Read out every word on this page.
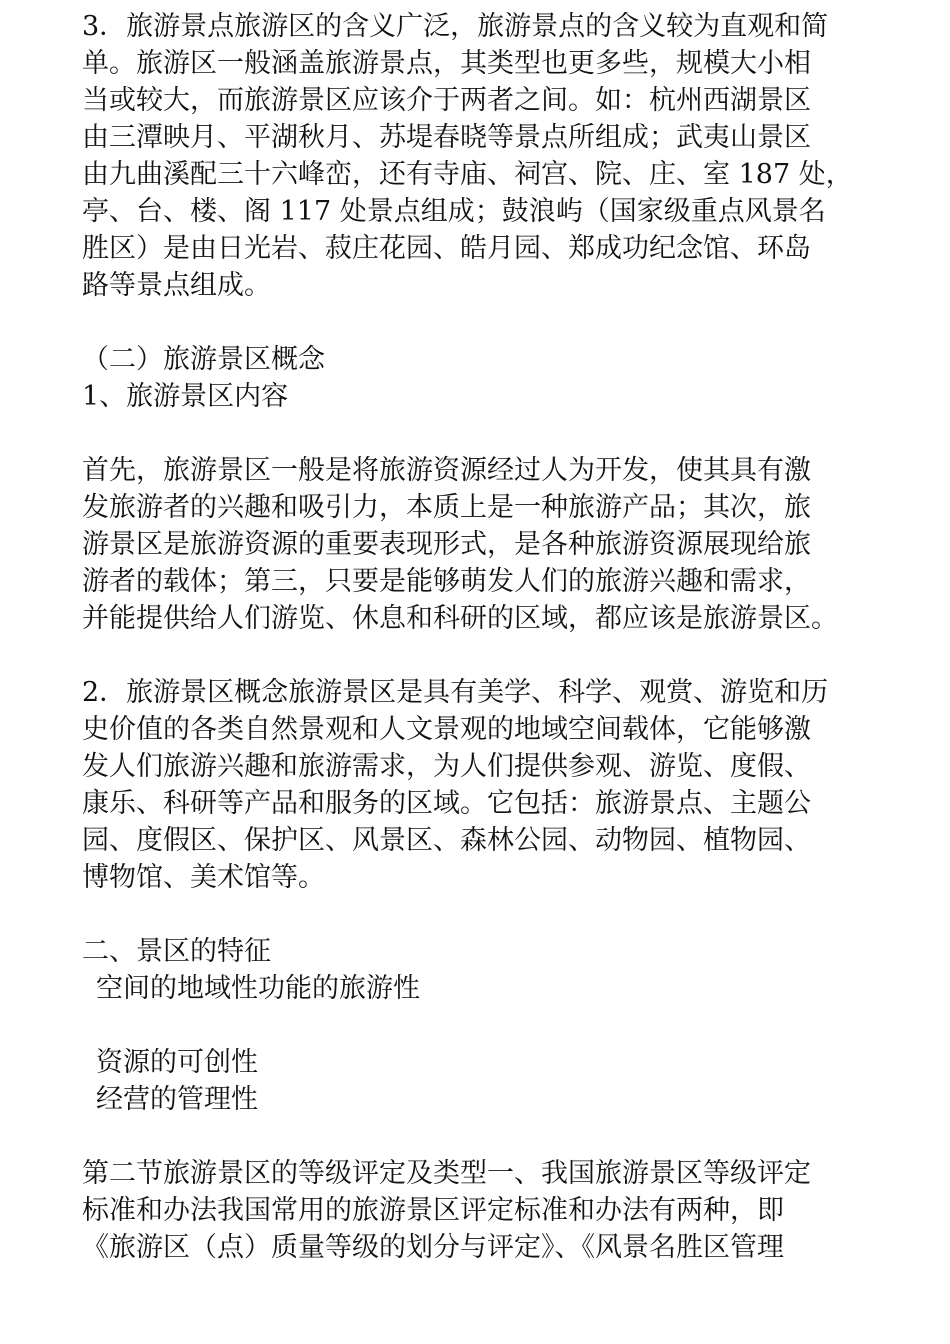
3．旅游景点旅游区的含义广泛，旅游景点的含义较为直观和简
单。旅游区一般涵盖旅游景点，其类型也更多些，规模大小相
当或较大，而旅游景区应该介于两者之间。如：杭州西湖景区
由三潭映月、平湖秋月、苏堤春晓等景点所组成；武夷山景区
由九曲溪配三十六峰峦，还有寺庙、祠宫、院、庄、室 187 处，
亭、台、楼、阁 117 处景点组成；鼓浪屿（国家级重点风景名
胜区）是由日光岩、菽庄花园、皓月园、郑成功纪念馆、环岛
路等景点组成。

（二）旅游景区概念

1、旅游景区内容

首先，旅游景区一般是将旅游资源经过人为开发，使其具有激
发旅游者的兴趣和吸引力，本质上是一种旅游产品；其次，旅
游景区是旅游资源的重要表现形式，是各种旅游资源展现给旅
游者的载体；第三，只要是能够萌发人们的旅游兴趣和需求，
并能提供给人们游览、休息和科研的区域，都应该是旅游景区。

2．旅游景区概念旅游景区是具有美学、科学、观赏、游览和历
史价值的各类自然景观和人文景观的地域空间载体，它能够激
发人们旅游兴趣和旅游需求，为人们提供参观、游览、度假、
康乐、科研等产品和服务的区域。它包括：旅游景点、主题公
园、度假区、保护区、风景区、森林公园、动物园、植物园、
博物馆、美术馆等。

二、景区的特征

空间的地域性功能的旅游性

资源的可创性

经营的管理性

第二节旅游景区的等级评定及类型一、我国旅游景区等级评定
标准和办法我国常用的旅游景区评定标准和办法有两种，即
《旅游区（点）质量等级的划分与评定》、《风景名胜区管理
